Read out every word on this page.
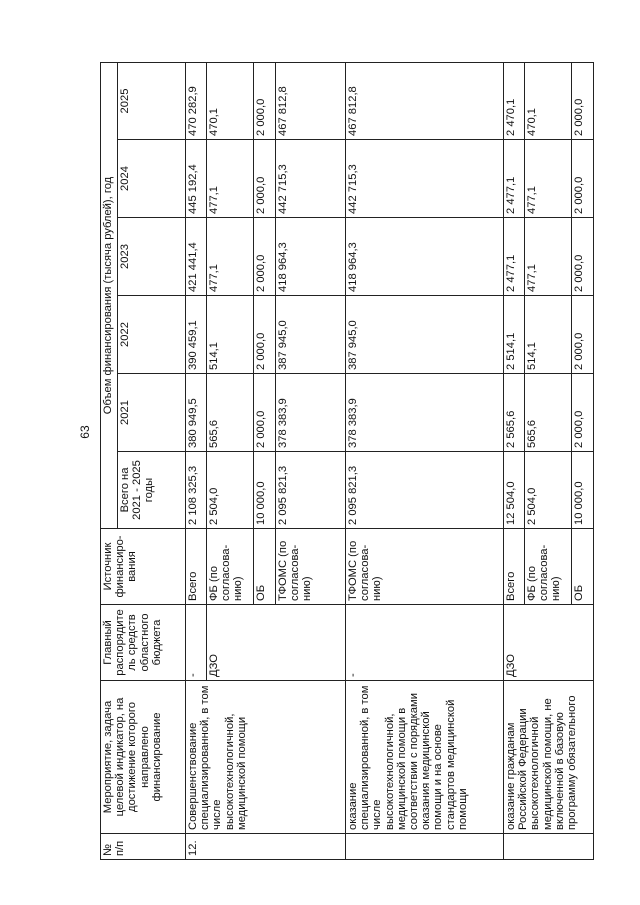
63
№ п/п	Мероприятие, задача целевой индикатор, на достижение которого направлено финансирование	Главный распорядитель средств областного бюджета	Источник финансиро-вания	Объем финансирования (тысяча рублей), год					
				Всего на 2021 - 2025 годы	2021	2022	2023	2024	2025
12.	Совершенствование специализированной, в том числе высокотехнологичной, медицинской помощи	-	Всего	2 108 325,3	380 949,5	390 459,1	421 441,4	445 192,4	470 282,9
		ДЗО	ФБ (по согласова-нию)	2 504,0	565,6	514,1	477,1	477,1	470,1
			ОБ	10 000,0	2 000,0	2 000,0	2 000,0	2 000,0	2 000,0
			ТФОМС (по согласова-нию)	2 095 821,3	378 383,9	387 945,0	418 964,3	442 715,3	467 812,8
	оказание специализированной, в том числе высокотехнологичной, медицинской помощи в соответствии с порядками оказания медицинской помощи и на основе стандартов медицинской помощи	-	ТФОМС (по согласова-нию)	2 095 821,3	378 383,9	387 945,0	418 964,3	442 715,3	467 812,8
	оказание гражданам Российской Федерации высокотехнологичной медицинской помощи, не включенной в базовую программу обязательного	ДЗО	Всего	12 504,0	2 565,6	2 514,1	2 477,1	2 477,1	2 470,1
			ФБ (по согласова-нию)	2 504,0	565,6	514,1	477,1	477,1	470,1
			ОБ	10 000,0	2 000,0	2 000,0	2 000,0	2 000,0	2 000,0
